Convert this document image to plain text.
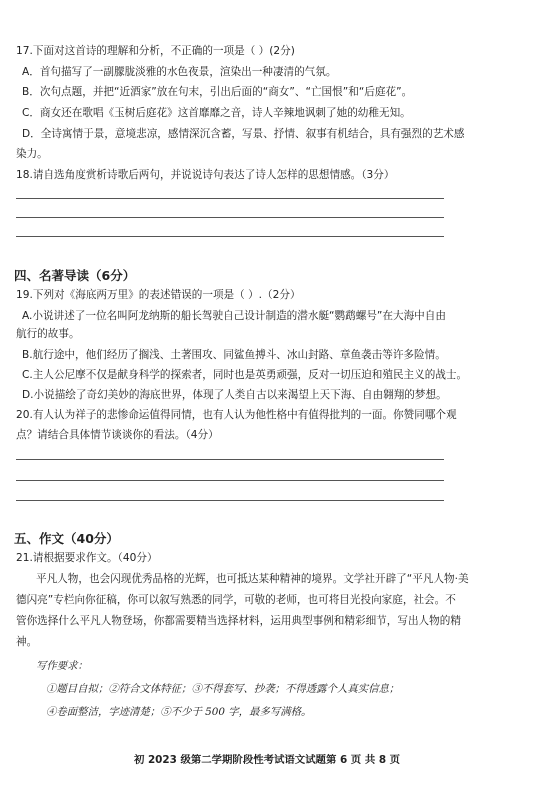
17.下面对这首诗的理解和分析，不正确的一项是（ ）(2分)
A．首句描写了一副朦胧淡雅的水色夜景，渲染出一种凄清的气氛。
B．次句点题，并把“近酒家”放在句末，引出后面的“商女”、“亡国恨”和“后庭花”。
C．商女还在歌唱《玉树后庭花》这首靡靡之音，诗人辛辣地讽刺了她的幼稚无知。
D．全诗寓情于景，意境悲凉，感情深沉含蓄，写景、抒情、叙事有机结合，具有强烈的艺术感
染力。
18.请自选角度赏析诗歌后两句，并说说诗句表达了诗人怎样的思想情感。（3分）
四、名著导读（6分）
19.下列对《海底两万里》的表述错误的一项是（ ）.（2分）
A.小说讲述了一位名叫阿龙纳斯的船长驾驶自己设计制造的潜水艇“鹦鹉螺号”在大海中自由
航行的故事。
B.航行途中，他们经历了搁浅、土著围攻、同鲨鱼搏斗、冰山封路、章鱼袭击等许多险情。
C.主人公尼摩不仅是献身科学的探索者，同时也是英勇顽强，反对一切压迫和殖民主义的战士。
D.小说描绘了奇幻美妙的海底世界，体现了人类自古以来渴望上天下海、自由翱翔的梦想。
20.有人认为祥子的悲惨命运值得同情，也有人认为他性格中有值得批判的一面。你赞同哪个观
点？请结合具体情节谈谈你的看法。（4分）
五、作文（40分）
21.请根据要求作文。（40分）
平凡人物，也会闪现优秀品格的光辉，也可抵达某种精神的境界。文学社开辟了“平凡人物·美
德闪亮”专栏向你征稿，你可以叙写熟悉的同学，可敬的老师，也可将目光投向家庭，社会。不
管你选择什么平凡人物登场，你都需要精当选择材料，运用典型事例和精彩细节，写出人物的精
神。
写作要求：
①题目自拟；②符合文体特征；③不得套写、抄袭；不得透露个人真实信息；
④卷面整洁，字迹清楚；⑤不少于 500 字，最多写满格。
初 2023 级第二学期阶段性考试语文试题第 6 页 共 8 页
